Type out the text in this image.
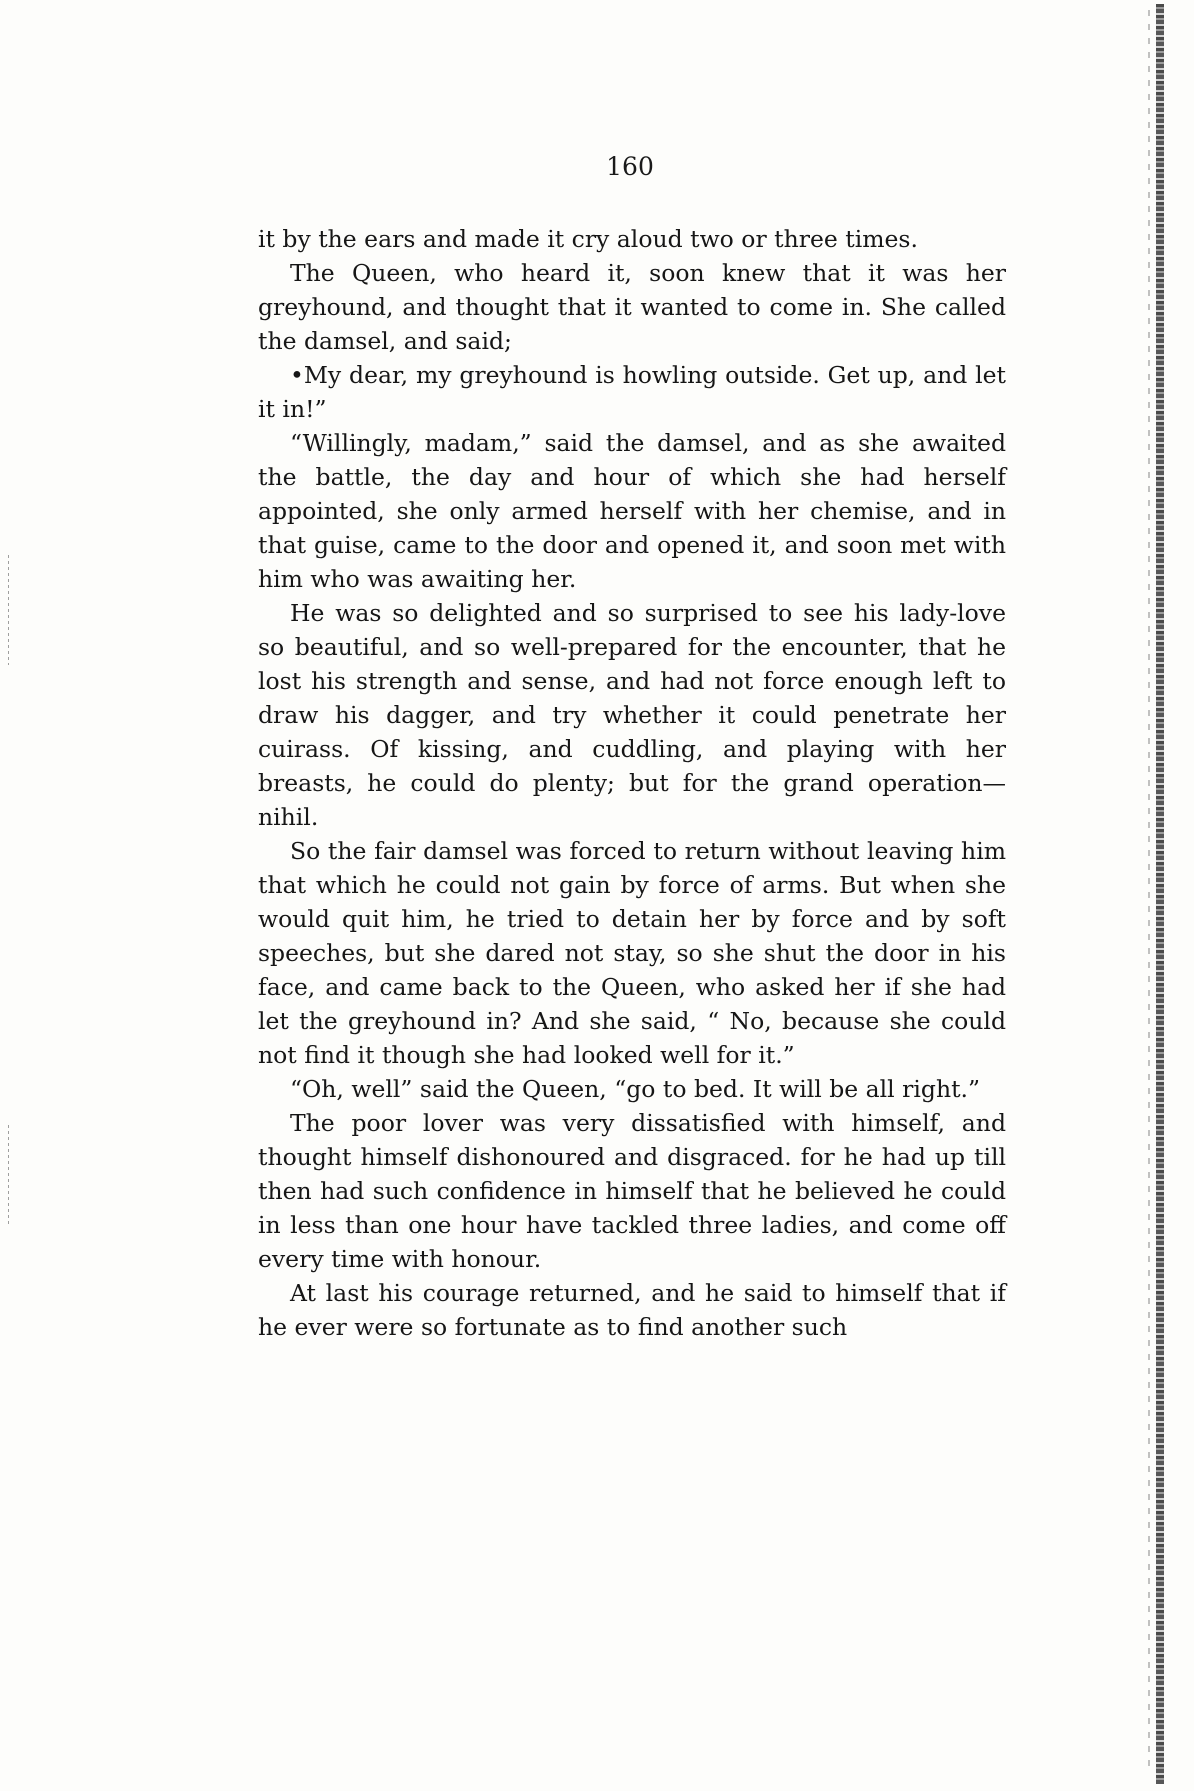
160

it by the ears and made it cry aloud two or three times.

The Queen, who heard it, soon knew that it was her greyhound, and thought that it wanted to come in. She called the damsel, and said;

•My dear, my greyhound is howling outside. Get up, and let it in!”

“Willingly, madam,” said the damsel, and as she awaited the battle, the day and hour of which she had herself appointed, she only armed herself with her chemise, and in that guise, came to the door and opened it, and soon met with him who was awaiting her.

He was so delighted and so surprised to see his lady-love so beautiful, and so well-prepared for the encounter, that he lost his strength and sense, and had not force enough left to draw his dagger, and try whether it could penetrate her cuirass. Of kissing, and cuddling, and playing with her breasts, he could do plenty; but for the grand operation—nihil.

So the fair damsel was forced to return without leaving him that which he could not gain by force of arms. But when she would quit him, he tried to detain her by force and by soft speeches, but she dared not stay, so she shut the door in his face, and came back to the Queen, who asked her if she had let the greyhound in? And she said, “ No, because she could not find it though she had looked well for it.”

“Oh, well” said the Queen, “go to bed. It will be all right.”

The poor lover was very dissatisfied with himself, and thought himself dishonoured and disgraced. for he had up till then had such confidence in himself that he believed he could in less than one hour have tackled three ladies, and come off every time with honour.

At last his courage returned, and he said to himself that if he ever were so fortunate as to find another such
